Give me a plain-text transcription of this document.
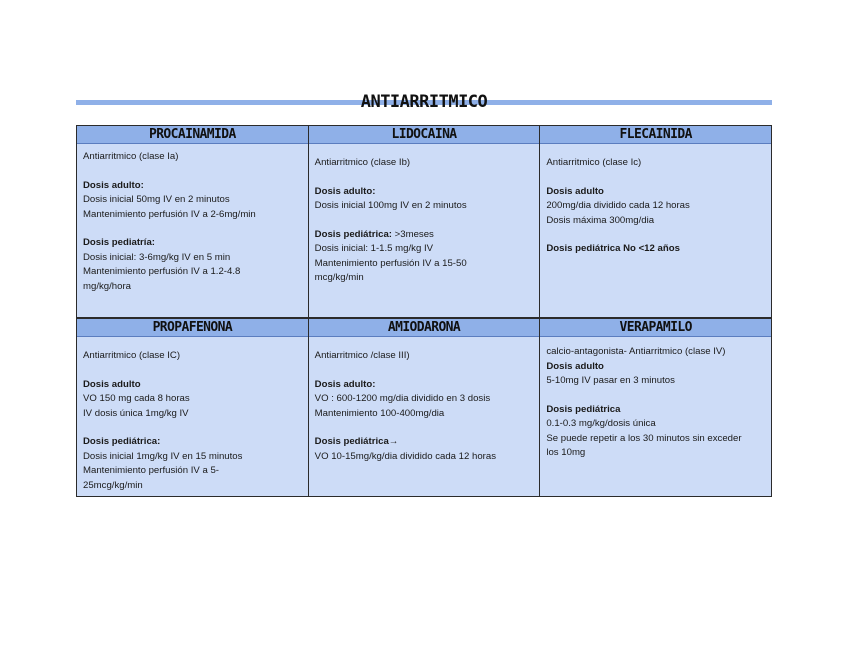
ANTIARRITMICO
PROCAINAMIDA

Antiarritmico (clase Ia)

Dosis adulto:

Dosis inicial 50mg IV en 2 minutos

Mantenimiento perfusión IV a 2-6mg/min

Dosis pediatría:

Dosis inicial: 3-6mg/kg IV en 5 min

Mantenimiento perfusión IV a 1.2-4.8

mg/kg/hora

LIDOCAINA

Antiarritmico (clase Ib)

Dosis adulto:

Dosis inicial 100mg IV en 2 minutos

Dosis pediátrica: >3meses

Dosis inicial: 1-1.5 mg/kg IV

Mantenimiento perfusión IV a 15-50

mcg/kg/min

FLECAINIDA

Antiarritmico (clase Ic)

Dosis adulto

200mg/dia dividido cada 12 horas

Dosis máxima 300mg/dia

Dosis pediátrica No <12 años

PROPAFENONA

Antiarritmico (clase IC)

Dosis adulto

VO 150 mg cada 8 horas

IV dosis única 1mg/kg IV

Dosis pediátrica:

Dosis inicial 1mg/kg IV en 15 minutos

Mantenimiento perfusión IV a 5-

25mcg/kg/min

AMIODARONA

Antiarritmico /clase III)

Dosis adulto:

VO : 600-1200 mg/dia dividido en 3 dosis

Mantenimiento 100-400mg/dia

Dosis pediátrica→

VO 10-15mg/kg/dia dividido cada 12 horas

VERAPAMILO

calcio-antagonista- Antiarritmico (clase IV)

Dosis adulto

5-10mg IV pasar en 3 minutos

Dosis pediátrica

0.1-0.3 mg/kg/dosis única

Se puede repetir a los 30 minutos sin exceder

los 10mg
